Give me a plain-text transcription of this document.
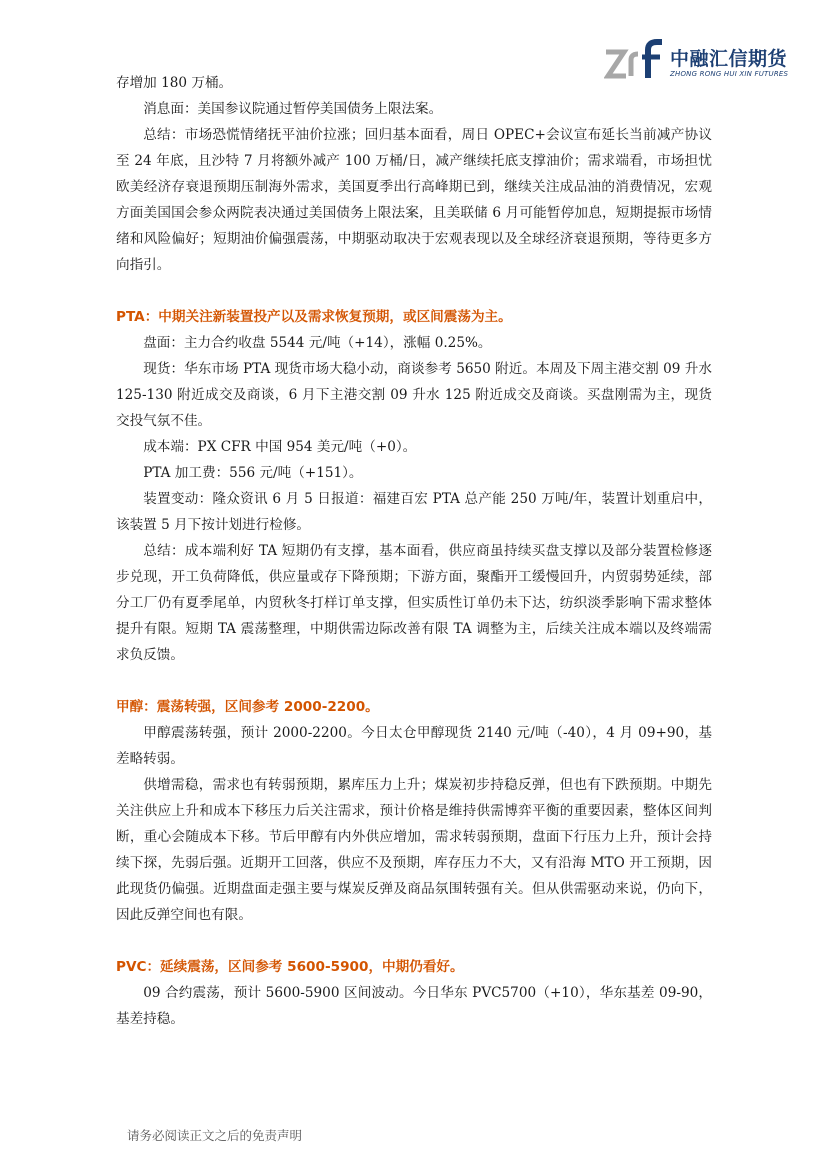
中融汇信期货
ZHONG RONG HUI XIN FUTURES

存增加 180 万桶。

消息面：美国参议院通过暂停美国债务上限法案。

总结：市场恐慌情绪抚平油价拉涨；回归基本面看，周日 OPEC+会议宣布延长当前减产协议至 24 年底，且沙特 7 月将额外减产 100 万桶/日，减产继续托底支撑油价；需求端看，市场担忧欧美经济存衰退预期压制海外需求，美国夏季出行高峰期已到，继续关注成品油的消费情况，宏观方面美国国会参众两院表决通过美国债务上限法案，且美联储 6 月可能暂停加息，短期提振市场情绪和风险偏好；短期油价偏强震荡，中期驱动取决于宏观表现以及全球经济衰退预期，等待更多方向指引。

PTA：中期关注新装置投产以及需求恢复预期，或区间震荡为主。

盘面：主力合约收盘 5544 元/吨（+14），涨幅 0.25%。

现货：华东市场 PTA 现货市场大稳小动，商谈参考 5650 附近。本周及下周主港交割 09 升水 125-130 附近成交及商谈，6 月下主港交割 09 升水 125 附近成交及商谈。买盘刚需为主，现货交投气氛不佳。

成本端：PX CFR 中国 954 美元/吨（+0）。

PTA 加工费：556 元/吨（+151）。

装置变动：隆众资讯 6 月 5 日报道：福建百宏 PTA 总产能 250 万吨/年，装置计划重启中，该装置 5 月下按计划进行检修。

总结：成本端利好 TA 短期仍有支撑，基本面看，供应商虽持续买盘支撑以及部分装置检修逐步兑现，开工负荷降低，供应量或存下降预期；下游方面，聚酯开工缓慢回升，内贸弱势延续，部分工厂仍有夏季尾单，内贸秋冬打样订单支撑，但实质性订单仍未下达，纺织淡季影响下需求整体提升有限。短期 TA 震荡整理，中期供需边际改善有限 TA 调整为主，后续关注成本端以及终端需求负反馈。

甲醇：震荡转强，区间参考 2000-2200。

甲醇震荡转强，预计 2000-2200。今日太仓甲醇现货 2140 元/吨（-40），4 月 09+90，基差略转弱。

供增需稳，需求也有转弱预期，累库压力上升；煤炭初步持稳反弹，但也有下跌预期。中期先关注供应上升和成本下移压力后关注需求，预计价格是维持供需博弈平衡的重要因素，整体区间判断，重心会随成本下移。节后甲醇有内外供应增加，需求转弱预期，盘面下行压力上升，预计会持续下探，先弱后强。近期开工回落，供应不及预期，库存压力不大，又有沿海 MTO 开工预期，因此现货仍偏强。近期盘面走强主要与煤炭反弹及商品氛围转强有关。但从供需驱动来说，仍向下，因此反弹空间也有限。

PVC：延续震荡，区间参考 5600-5900，中期仍看好。

09 合约震荡，预计 5600-5900 区间波动。今日华东 PVC5700（+10），华东基差 09-90，基差持稳。

请务必阅读正文之后的免责声明
